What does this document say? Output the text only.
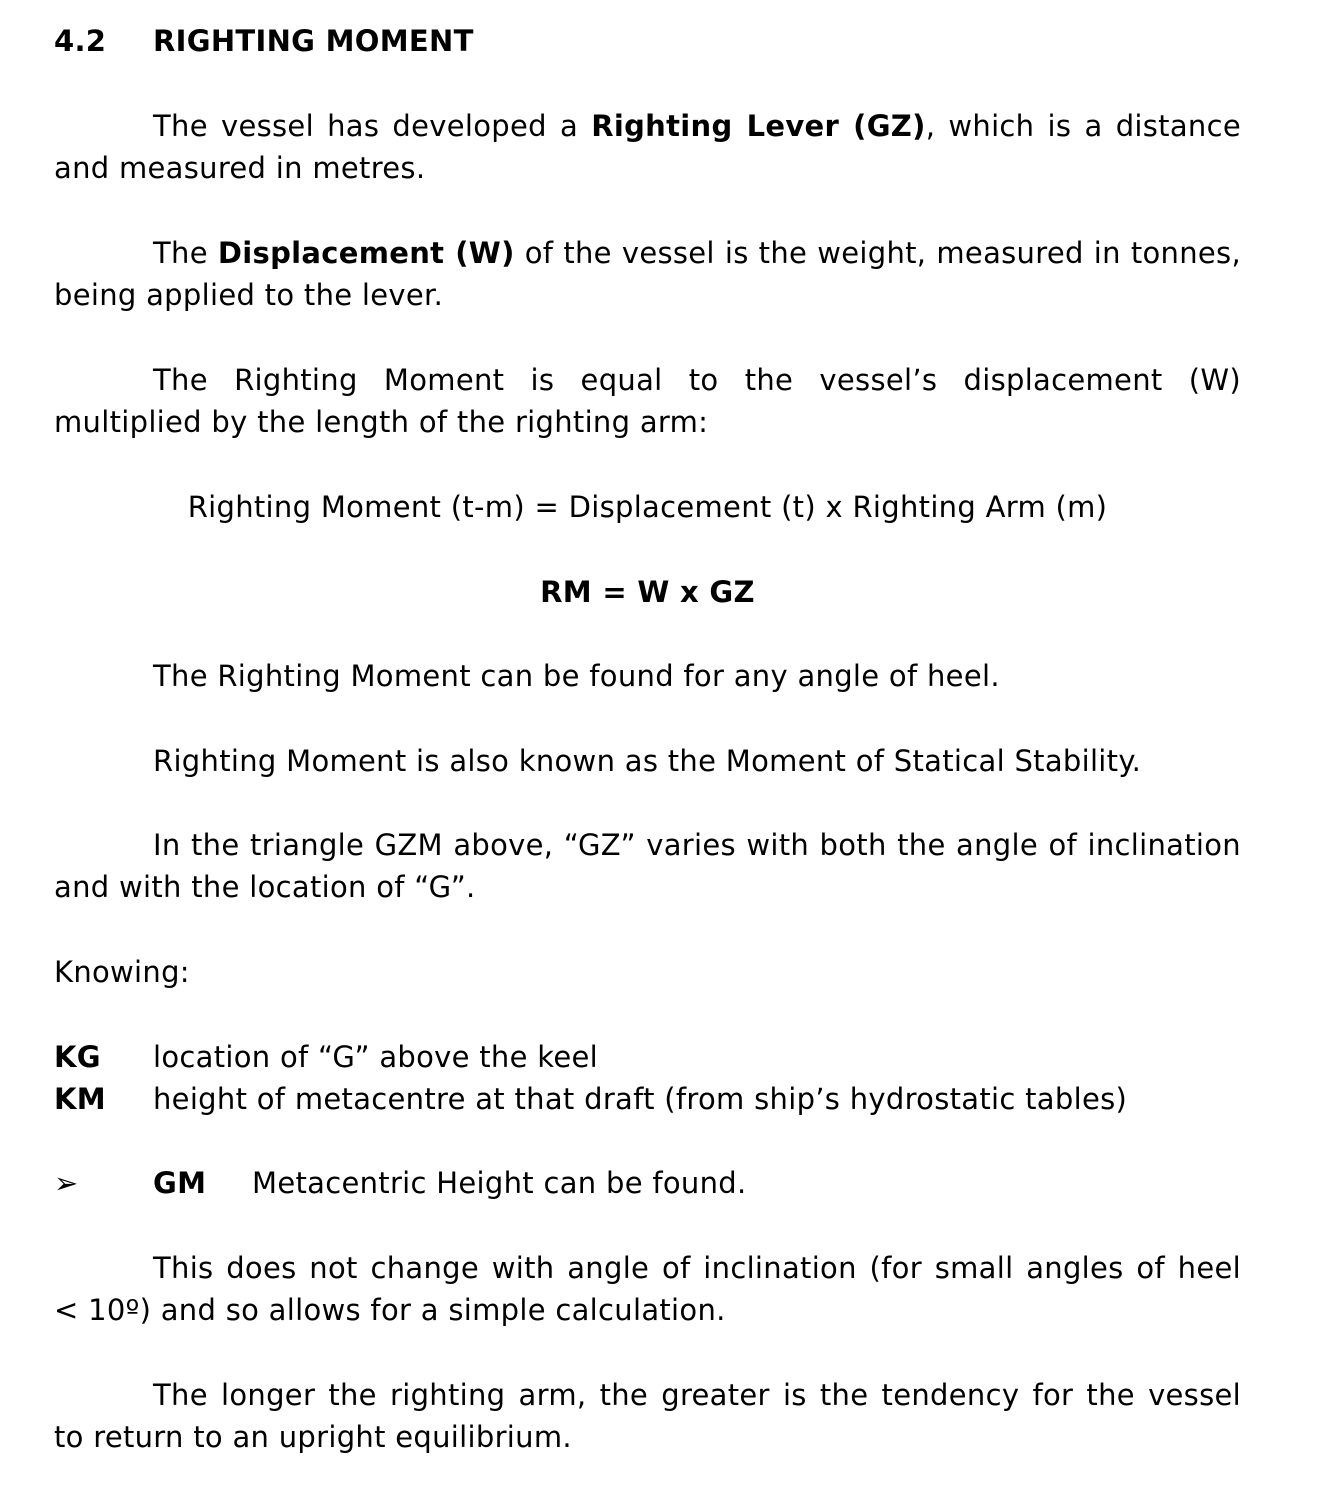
4.2 RIGHTING MOMENT
The vessel has developed a Righting Lever (GZ), which is a distance
and measured in metres.
The Displacement (W) of the vessel is the weight, measured in tonnes,
being applied to the lever.
The Righting Moment is equal to the vessel’s displacement (W)
multiplied by the length of the righting arm:
Righting Moment (t-m) = Displacement (t) x Righting Arm (m)
RM = W x GZ
The Righting Moment can be found for any angle of heel.
Righting Moment is also known as the Moment of Statical Stability.
In the triangle GZM above, “GZ” varies with both the angle of inclination
and with the location of “G”.
Knowing:
KG location of “G” above the keel
KM height of metacentre at that draft (from ship’s hydrostatic tables)
➢	GM Metacentric Height can be found.
This does not change with angle of inclination (for small angles of heel
< 10º) and so allows for a simple calculation.
The longer the righting arm, the greater is the tendency for the vessel
to return to an upright equilibrium.
